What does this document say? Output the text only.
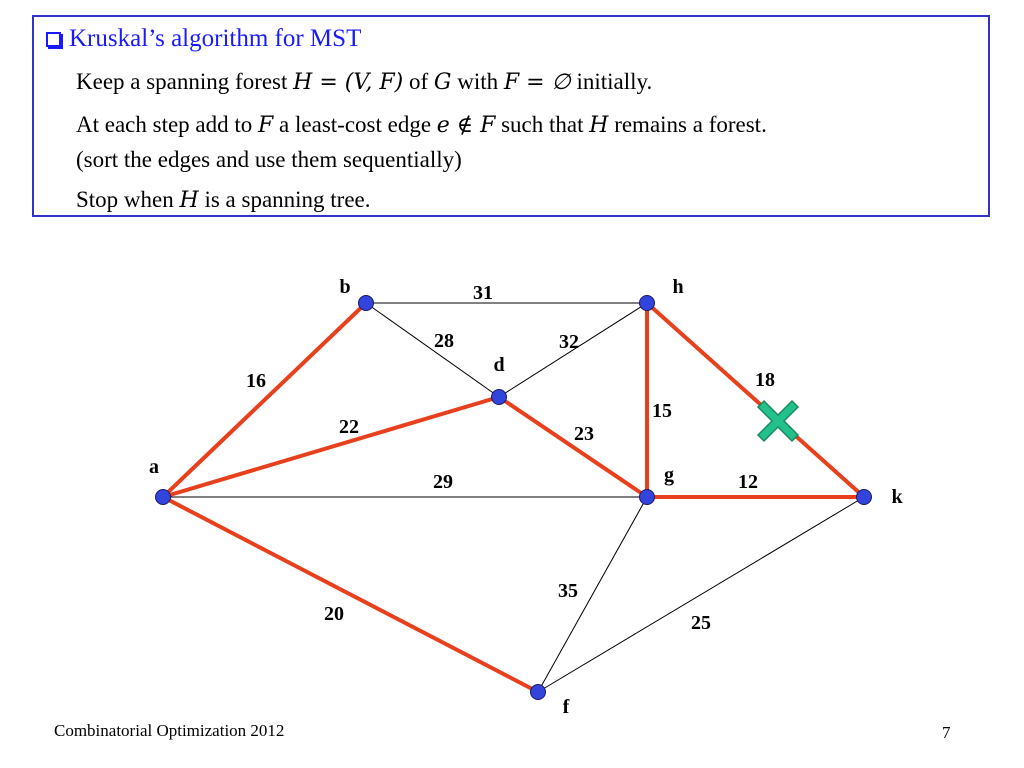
Kruskal’s algorithm for MST
Keep a spanning forest H = (V, F) of G with F = ∅ initially.
At each step add to F a least-cost edge e ∉ F such that H remains a forest.
(sort the edges and use them sequentially)
Stop when H is a spanning tree.
31
28	32
16
22	23
15
18
29	12
20
35
25
b	h
d
a	g
k
f
Combinatorial Optimization 2012	7
